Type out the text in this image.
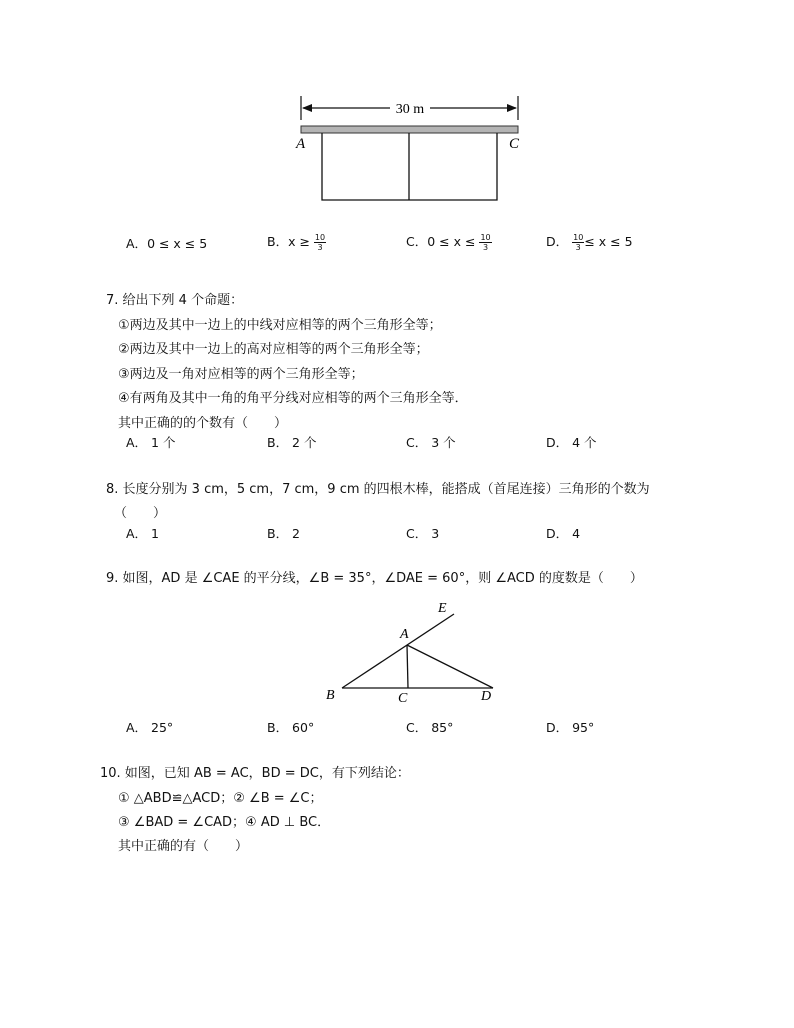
30 m
A	C
A．0 ≤ x ≤ 5	B．$x \ge \frac{10}{3}$	C．$0 \le x \le \frac{10}{3}$	D． $\frac{10}{3} \le x \le 5$
7. 给出下列 4 个命题：
①两边及其中一边上的中线对应相等的两个三角形全等；
②两边及其中一边上的高对应相等的两个三角形全等；
③两边及一角对应相等的两个三角形全等；
④有两角及其中一角的角平分线对应相等的两个三角形全等．
其中正确的的个数有（　　）
A． 1 个	B． 2 个	C． 3 个	D． 4 个
8. 长度分别为 3 cm，5 cm，7 cm，9 cm 的四根木棒，能搭成（首尾连接）三角形的个数为
（　　）
A． 1	B． 2	C． 3	D． 4
9. 如图，AD 是 ∠CAE 的平分线，∠B = 35°，∠DAE = 60°，则 ∠ACD 的度数是（　　）
E
A
B	C	D
A． 25°	B． 60°	C． 85°	D． 95°
10. 如图，已知 AB = AC，BD = DC，有下列结论：
① △ABD≌△ACD；② ∠B = ∠C；
③ ∠BAD = ∠CAD；④ AD ⊥ BC．
其中正确的有（　　）
